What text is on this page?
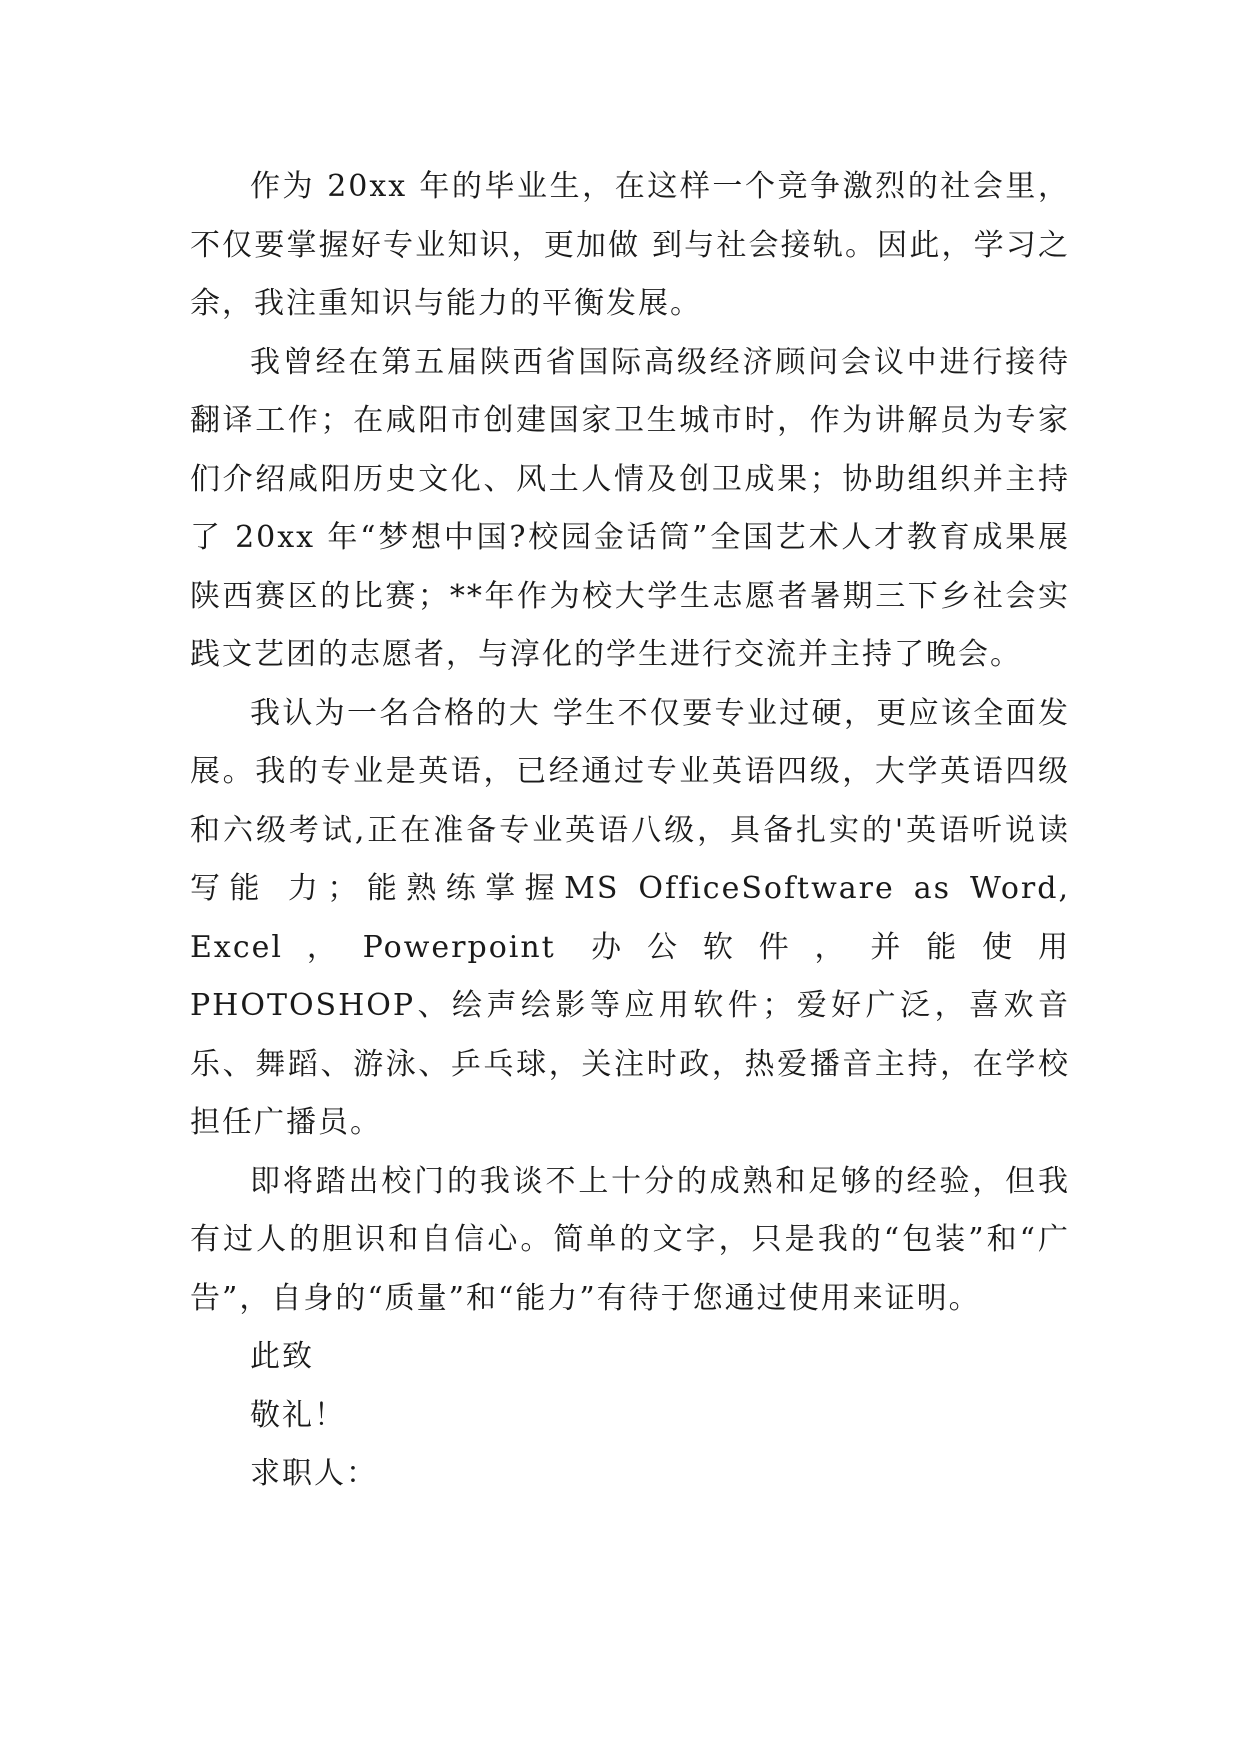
作为 20xx 年的毕业生，在这样一个竞争激烈的社会里，不仅要掌握好专业知识，更加做 到与社会接轨。因此，学习之余，我注重知识与能力的平衡发展。

我曾经在第五届陕西省国际高级经济顾问会议中进行接待翻译工作；在咸阳市创建国家卫生城市时，作为讲解员为专家们介绍咸阳历史文化、风土人情及创卫成果；协助组织并主持了 20xx 年“梦想中国?校园金话筒”全国艺术人才教育成果展陕西赛区的比赛；**年作为校大学生志愿者暑期三下乡社会实践文艺团的志愿者，与淳化的学生进行交流并主持了晚会。

我认为一名合格的大 学生不仅要专业过硬，更应该全面发展。我的专业是英语，已经通过专业英语四级，大学英语四级和六级考试,正在准备专业英语八级，具备扎实的'英语听说读写能 力；能熟练掌握MS OfficeSoftware as Word, Excel，Powerpoint 办公软件，并能使用 PHOTOSHOP、绘声绘影等应用软件；爱好广泛，喜欢音乐、舞蹈、游泳、乒乓球，关注时政，热爱播音主持，在学校担任广播员。

即将踏出校门的我谈不上十分的成熟和足够的经验，但我有过人的胆识和自信心。简单的文字，只是我的“包装”和“广告”，自身的“质量”和“能力”有待于您通过使用来证明。

此致

敬礼！

求职人：
